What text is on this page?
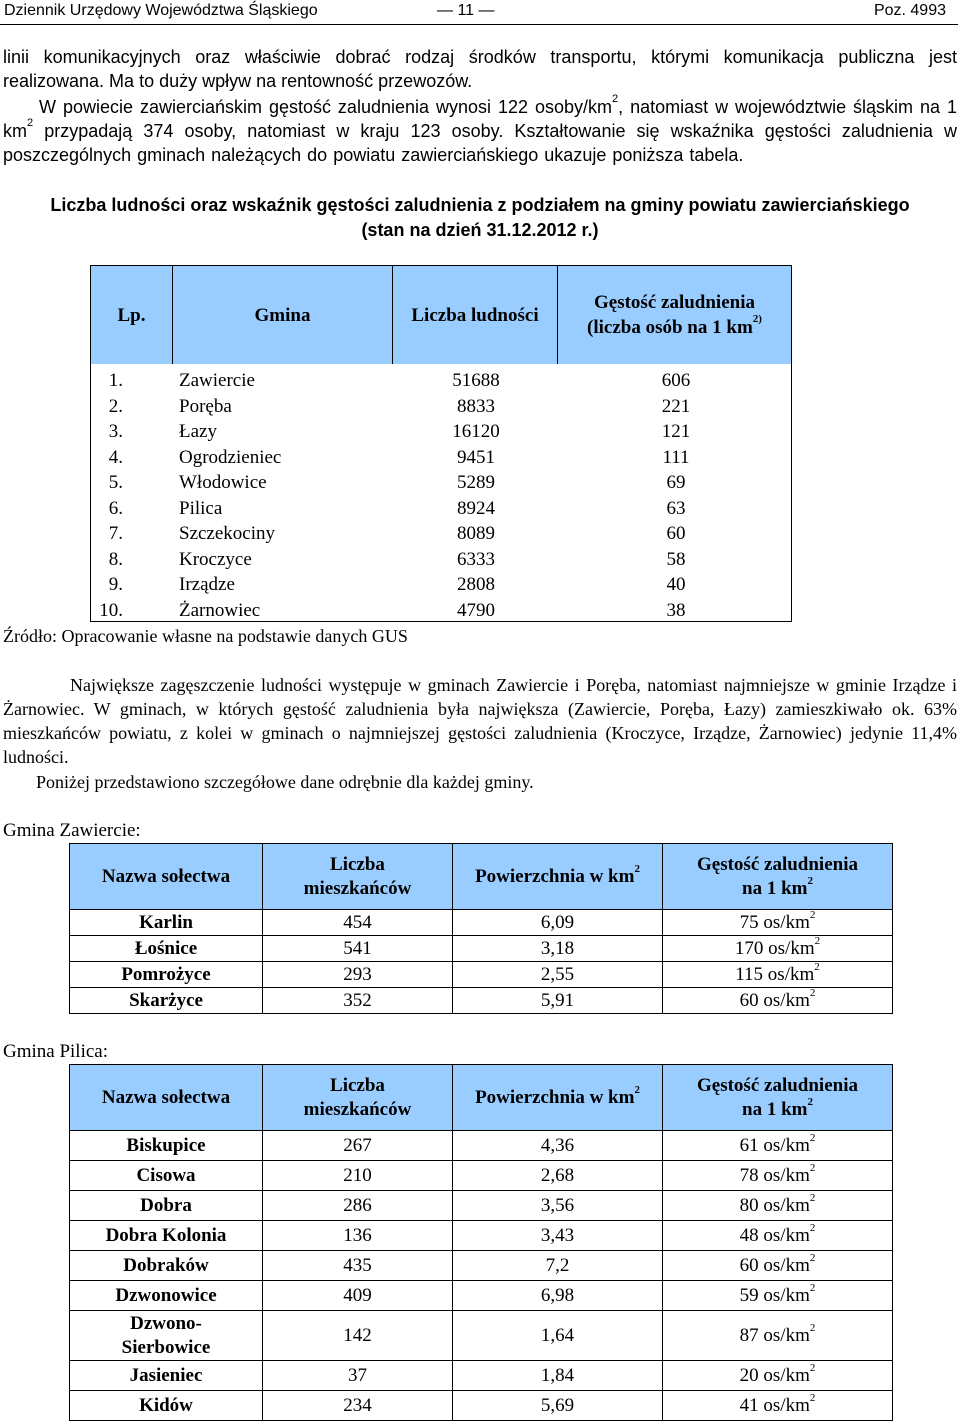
Dziennik Urzędowy Województwa Śląskiego	— 11 —	Poz. 4993

linii komunikacyjnych oraz właściwie dobrać rodzaj środków transportu, którymi komunikacja publiczna jest realizowana. Ma to duży wpływ na rentowność przewozów.

W powiecie zawierciańskim gęstość zaludnienia wynosi 122 osoby/$km^2$, natomiast w województwie śląskim na 1 $km^2$ przypadają 374 osoby, natomiast w kraju 123 osoby. Kształtowanie się wskaźnika gęstości zaludnienia w poszczególnych gminach należących do powiatu zawierciańskiego ukazuje poniższa tabela.

Liczba ludności oraz wskaźnik gęstości zaludnienia z podziałem na gminy powiatu zawierciańskiego
(stan na dzień 31.12.2012 r.)
Lp.	Gmina	Liczba ludności
Gęstość zaludnienia
(liczba osób na 1 $km^{2)}$
1.	Zawiercie	51688	606
2.	Poręba	8833	221
3.	Łazy	16120	121
4.	Ogrodzieniec	9451	111
5.	Włodowice	5289	69
6.	Pilica	8924	63
7.	Szczekociny	8089	60
8.	Kroczyce	6333	58
9.	Irządze	2808	40
10.	Żarnowiec	4790	38
Źródło: Opracowanie własne na podstawie danych GUS

Największe zagęszczenie ludności występuje w gminach Zawiercie i Poręba, natomiast najmniejsze w gminie Irządze i Żarnowiec. W gminach, w których gęstość zaludnienia była największa (Zawiercie, Poręba, Łazy) zamieszkiwało ok. 63% mieszkańców powiatu, z kolei w gminach o najmniejszej gęstości zaludnienia (Kroczyce, Irządze, Żarnowiec) jedynie 11,4% ludności.

Poniżej przedstawiono szczegółowe dane odrębnie dla każdej gminy.

Gmina Zawiercie:
Nazwa sołectwa	Liczba
mieszkańców	Powierzchnia w $km^2$	Gęstość zaludnienia
na 1 $km^2$
Karlin	454	6,09	75 $os/km^2$
Łośnice	541	3,18	170 $os/km^2$
Pomrożyce	293	2,55	115 $os/km^2$
Skarżyce	352	5,91	60 $os/km^2$
Gmina Pilica:
Nazwa sołectwa	Liczba
mieszkańców	Powierzchnia w $km^2$	Gęstość zaludnienia
na 1 $km^2$
Biskupice	267	4,36	61 $os/km^2$
Cisowa	210	2,68	78 $os/km^2$
Dobra	286	3,56	80 $os/km^2$
Dobra Kolonia	136	3,43	48 $os/km^2$
Dobraków	435	7,2	60 $os/km^2$
Dzwonowice	409	6,98	59 $os/km^2$
Dzwono-
Sierbowice	142	1,64	87 $os/km^2$
Jasieniec	37	1,84	20 $os/km^2$
Kidów	234	5,69	41 $os/km^2$
